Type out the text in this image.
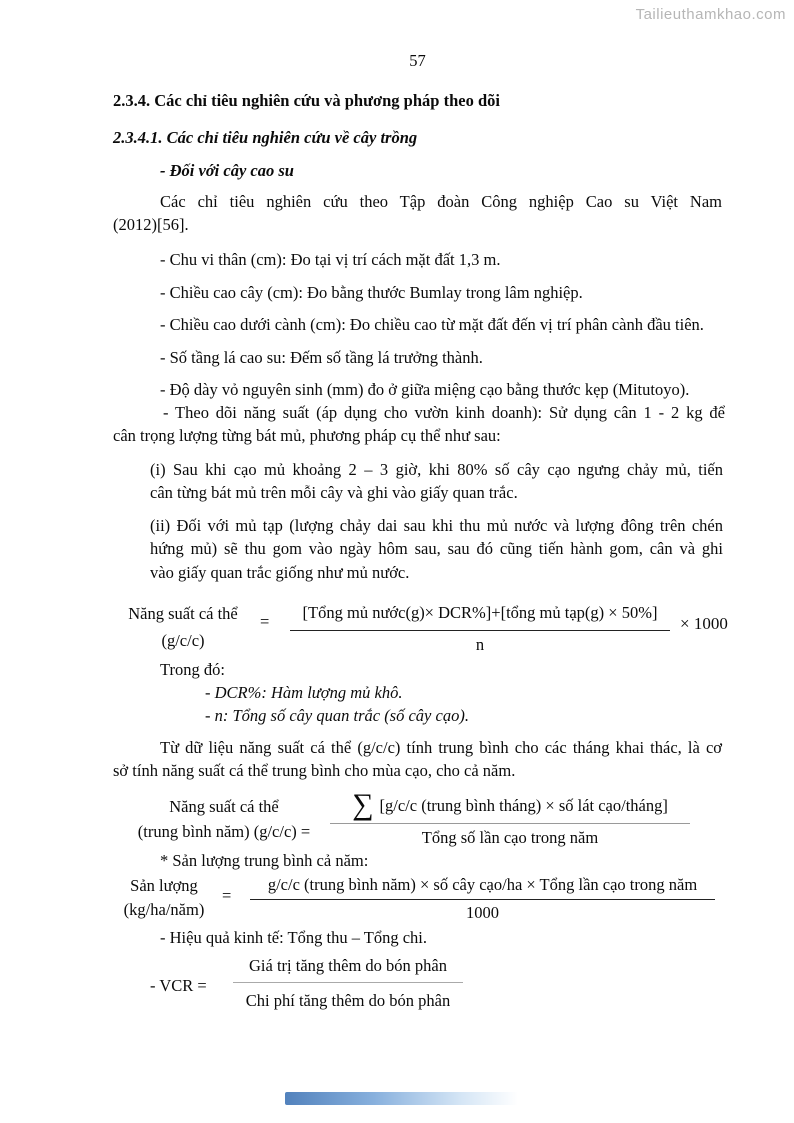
Tailieuthamkhao.com
57
2.3.4. Các chỉ tiêu nghiên cứu và phương pháp theo dõi
2.3.4.1. Các chỉ tiêu nghiên cứu về cây trồng
- Đối với cây cao su
Các chỉ tiêu nghiên cứu theo Tập đoàn Công nghiệp Cao su Việt Nam
(2012)[56].
- Chu vi thân (cm): Đo tại vị trí cách mặt đất 1,3 m.
- Chiều cao cây (cm): Đo bằng thước Bumlay trong lâm nghiệp.
- Chiều cao dưới cành (cm): Đo chiều cao từ mặt đất đến vị trí phân cành đầu tiên.
- Số tầng lá cao su: Đếm số tầng lá trưởng thành.
- Độ dày vỏ nguyên sinh (mm) đo ở giữa miệng cạo bằng thước kẹp (Mitutoyo).
- Theo dõi năng suất (áp dụng cho vườn kinh doanh): Sử dụng cân 1 - 2 kg để
cân trọng lượng từng bát mủ, phương pháp cụ thể như sau:
(i) Sau khi cạo mủ khoảng 2 – 3 giờ, khi 80% số cây cạo ngưng chảy mủ, tiến
cân từng bát mủ trên mỗi cây và ghi vào giấy quan trắc.
(ii) Đối với mủ tạp (lượng chảy dai sau khi thu mủ nước và lượng đông trên chén
hứng mủ) sẽ thu gom vào ngày hôm sau, sau đó cũng tiến hành gom, cân và ghi
vào giấy quan trắc giống như mủ nước.
Năng suất cá thể
(g/c/c)
=	[Tổng mủ nước(g)× DCR%]+[tổng mủ tạp(g) × 50%]
n
× 1000
Trong đó:
- DCR%: Hàm lượng mủ khô.
- n: Tổng số cây quan trắc (số cây cạo).
Từ dữ liệu năng suất cá thể (g/c/c) tính trung bình cho các tháng khai thác, là cơ
sở tính năng suất cá thể trung bình cho mùa cạo, cho cả năm.
Năng suất cá thể
(trung bình năm) (g/c/c) =
∑ [g/c/c (trung bình tháng) × số lát cạo/tháng]
Tổng số lần cạo trong năm
* Sản lượng trung bình cả năm:
Sản lượng
(kg/ha/năm)
=
g/c/c (trung bình năm) × số cây cạo/ha × Tổng lần cạo trong năm
1000
- Hiệu quả kinh tế: Tổng thu – Tổng chi.
- VCR =
Giá trị tăng thêm do bón phân
Chi phí tăng thêm do bón phân
